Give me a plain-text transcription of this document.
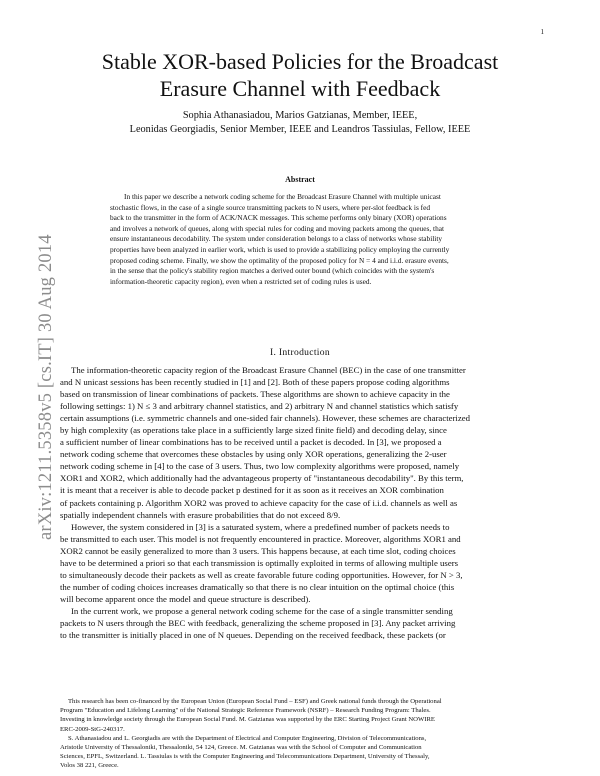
1
arXiv:1211.5358v5 [cs.IT] 30 Aug 2014
Stable XOR-based Policies for the Broadcast
Erasure Channel with Feedback
Sophia Athanasiadou, Marios Gatzianas, Member, IEEE,
Leonidas Georgiadis, Senior Member, IEEE and Leandros Tassiulas, Fellow, IEEE
Abstract
In this paper we describe a network coding scheme for the Broadcast Erasure Channel with multiple unicast
stochastic flows, in the case of a single source transmitting packets to N users, where per-slot feedback is fed
back to the transmitter in the form of ACK/NACK messages. This scheme performs only binary (XOR) operations
and involves a network of queues, along with special rules for coding and moving packets among the queues, that
ensure instantaneous decodability. The system under consideration belongs to a class of networks whose stability
properties have been analyzed in earlier work, which is used to provide a stabilizing policy employing the currently
proposed coding scheme. Finally, we show the optimality of the proposed policy for N = 4 and i.i.d. erasure events,
in the sense that the policy's stability region matches a derived outer bound (which coincides with the system's
information-theoretic capacity region), even when a restricted set of coding rules is used.
I. Introduction

The information-theoretic capacity region of the Broadcast Erasure Channel (BEC) in the case of one transmitter
and N unicast sessions has been recently studied in [1] and [2]. Both of these papers propose coding algorithms
based on transmission of linear combinations of packets. These algorithms are shown to achieve capacity in the
following settings: 1) N ≤ 3 and arbitrary channel statistics, and 2) arbitrary N and channel statistics which satisfy
certain assumptions (i.e. symmetric channels and one-sided fair channels). However, these schemes are characterized
by high complexity (as operations take place in a sufficiently large sized finite field) and decoding delay, since
a sufficient number of linear combinations has to be received until a packet is decoded. In [3], we proposed a
network coding scheme that overcomes these obstacles by using only XOR operations, generalizing the 2-user
network coding scheme in [4] to the case of 3 users. Thus, two low complexity algorithms were proposed, namely
XOR1 and XOR2, which additionally had the advantageous property of "instantaneous decodability". By this term,
it is meant that a receiver is able to decode packet p destined for it as soon as it receives an XOR combination
of packets containing p. Algorithm XOR2 was proved to achieve capacity for the case of i.i.d. channels as well as
spatially independent channels with erasure probabilities that do not exceed 8/9.

However, the system considered in [3] is a saturated system, where a predefined number of packets needs to
be transmitted to each user. This model is not frequently encountered in practice. Moreover, algorithms XOR1 and
XOR2 cannot be easily generalized to more than 3 users. This happens because, at each time slot, coding choices
have to be determined a priori so that each transmission is optimally exploited in terms of allowing multiple users
to simultaneously decode their packets as well as create favorable future coding opportunities. However, for N > 3,
the number of coding choices increases dramatically so that there is no clear intuition on the optimal choice (this
will become apparent once the model and queue structure is described).

In the current work, we propose a general network coding scheme for the case of a single transmitter sending
packets to N users through the BEC with feedback, generalizing the scheme proposed in [3]. Any packet arriving
to the transmitter is initially placed in one of N queues. Depending on the received feedback, these packets (or

This research has been co-financed by the European Union (European Social Fund – ESF) and Greek national funds through the Operational
Program "Education and Lifelong Learning" of the National Strategic Reference Framework (NSRF) – Research Funding Program: Thales.
Investing in knowledge society through the European Social Fund. M. Gatzianas was supported by the ERC Starting Project Grant NOWIRE
ERC-2009-StG-240317.

S. Athanasiadou and L. Georgiadis are with the Department of Electrical and Computer Engineering, Division of Telecommunications,
Aristotle University of Thessaloniki, Thessaloniki, 54 124, Greece. M. Gatzianas was with the School of Computer and Communication
Sciences, EPFL, Switzerland. L. Tassiulas is with the Computer Engineering and Telecommunications Department, University of Thessaly,
Volos 38 221, Greece.
